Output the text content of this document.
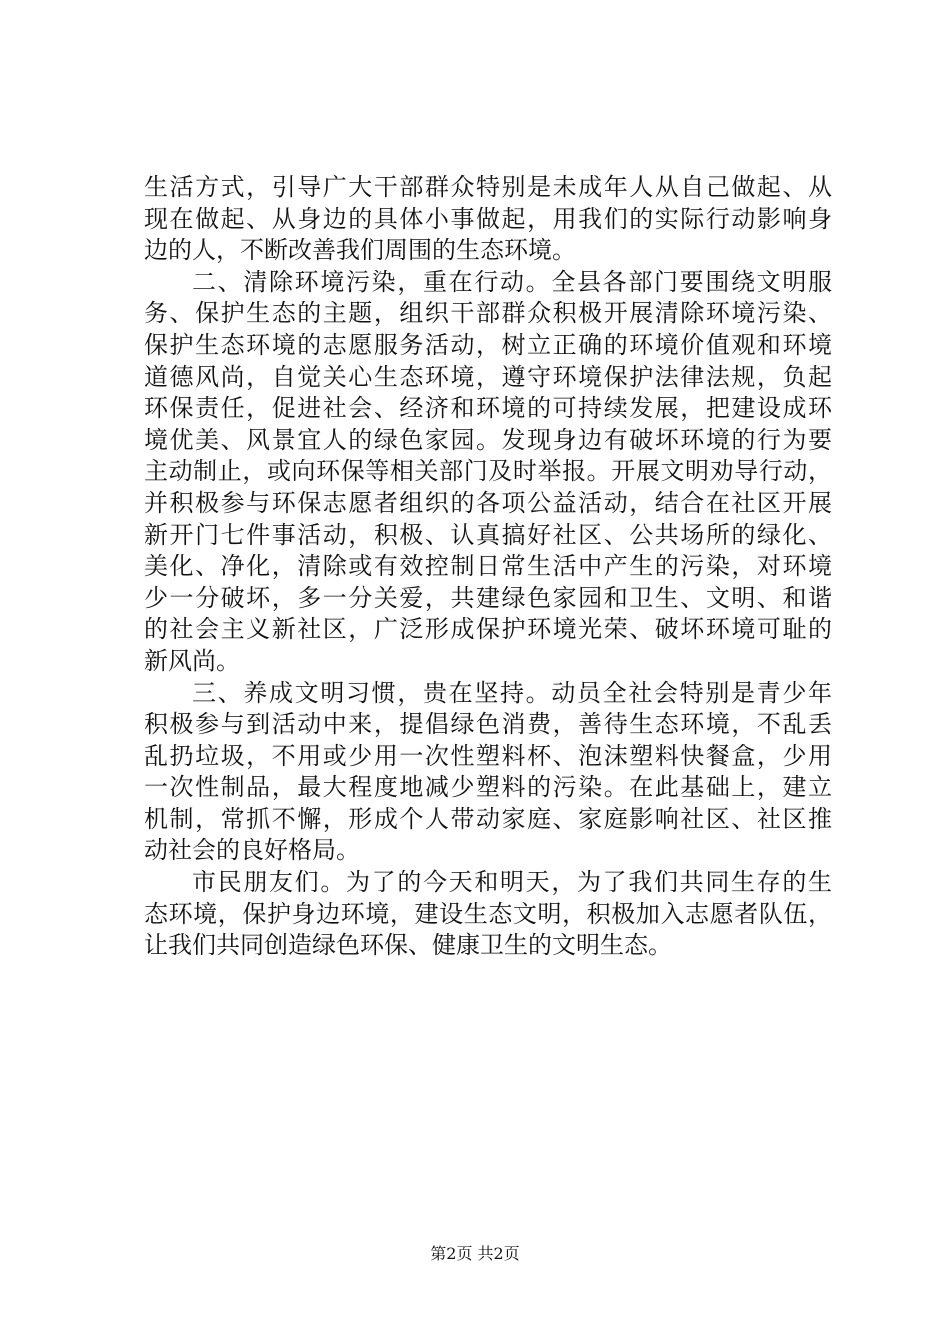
生活方式，引导广大干部群众特别是未成年人从自己做起、从
现在做起、从身边的具体小事做起，用我们的实际行动影响身
边的人，不断改善我们周围的生态环境。
二、清除环境污染，重在行动。全县各部门要围绕文明服
务、保护生态的主题，组织干部群众积极开展清除环境污染、
保护生态环境的志愿服务活动，树立正确的环境价值观和环境
道德风尚，自觉关心生态环境，遵守环境保护法律法规，负起
环保责任，促进社会、经济和环境的可持续发展，把建设成环
境优美、风景宜人的绿色家园。发现身边有破坏环境的行为要
主动制止，或向环保等相关部门及时举报。开展文明劝导行动，
并积极参与环保志愿者组织的各项公益活动，结合在社区开展
新开门七件事活动，积极、认真搞好社区、公共场所的绿化、
美化、净化，清除或有效控制日常生活中产生的污染，对环境
少一分破坏，多一分关爱，共建绿色家园和卫生、文明、和谐
的社会主义新社区，广泛形成保护环境光荣、破坏环境可耻的
新风尚。
三、养成文明习惯，贵在坚持。动员全社会特别是青少年
积极参与到活动中来，提倡绿色消费，善待生态环境，不乱丢
乱扔垃圾，不用或少用一次性塑料杯、泡沫塑料快餐盒，少用
一次性制品，最大程度地减少塑料的污染。在此基础上，建立
机制，常抓不懈，形成个人带动家庭、家庭影响社区、社区推
动社会的良好格局。
市民朋友们。为了的今天和明天，为了我们共同生存的生
态环境，保护身边环境，建设生态文明，积极加入志愿者队伍，
让我们共同创造绿色环保、健康卫生的文明生态。
第2页 共2页
